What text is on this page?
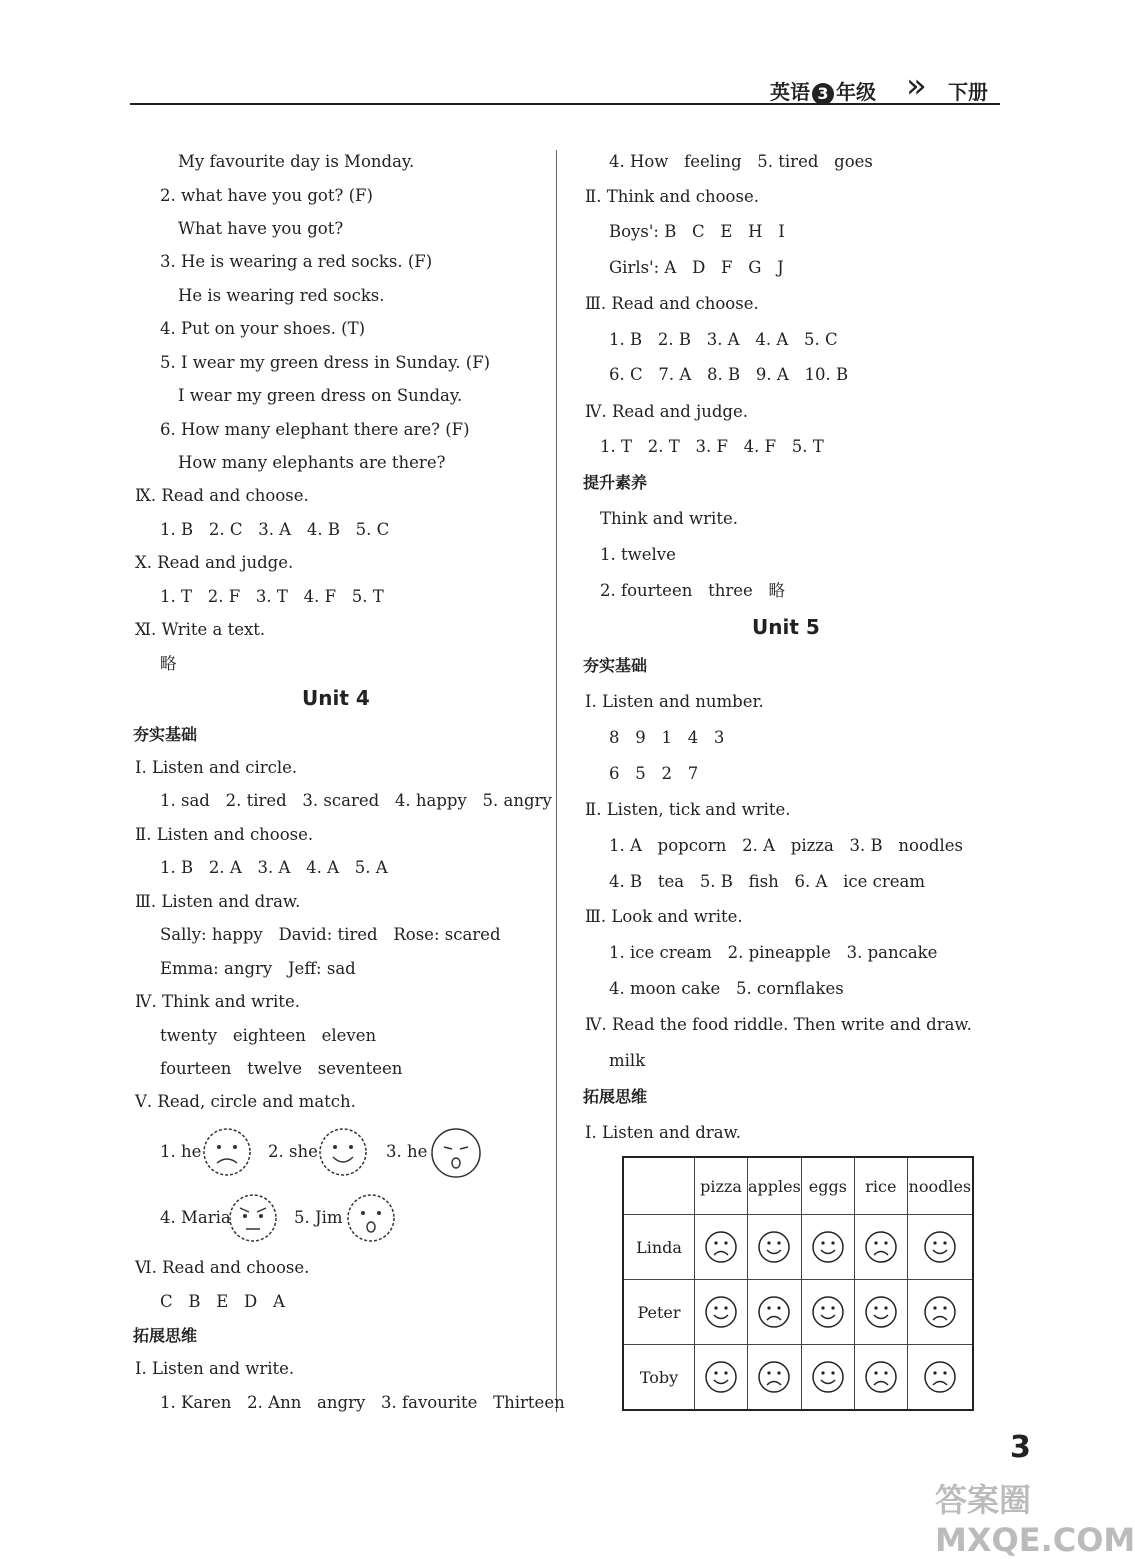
英语 3 年级 » 下册
My favourite day is Monday.
2. what have you got? (F)
What have you got?
3. He is wearing a red socks. (F)
He is wearing red socks.
4. Put on your shoes. (T)
5. I wear my green dress in Sunday. (F)
I wear my green dress on Sunday.
6. How many elephant there are? (F)
How many elephants are there?
Ⅸ. Read and choose.
1. B   2. C   3. A   4. B   5. C
Ⅹ. Read and judge.
1. T   2. F   3. T   4. F   5. T
Ⅺ. Write a text.
略
Unit 4
夯实基础
Ⅰ. Listen and circle.
1. sad   2. tired   3. scared   4. happy   5. angry
Ⅱ. Listen and choose.
1. B   2. A   3. A   4. A   5. A
Ⅲ. Listen and draw.
Sally: happy   David: tired   Rose: scared
Emma: angry   Jeff: sad
Ⅳ. Think and write.
twenty   eighteen   eleven
fourteen   twelve   seventeen
Ⅴ. Read, circle and match.
1. he	2. she	3. he
4. Maria	5. Jim
Ⅵ. Read and choose.
C   B   E   D   A
拓展思维
Ⅰ. Listen and write.
1. Karen   2. Ann   angry   3. favourite   Thirteen
4. How   feeling   5. tired   goes
Ⅱ. Think and choose.
Boys': B   C   E   H   I
Girls': A   D   F   G   J
Ⅲ. Read and choose.
1. B   2. B   3. A   4. A   5. C
6. C   7. A   8. B   9. A   10. B
Ⅳ. Read and judge.
1. T   2. T   3. F   4. F   5. T
提升素养
Think and write.
1. twelve
2. fourteen   three   略
Unit 5
夯实基础
Ⅰ. Listen and number.
8   9   1   4   3
6   5   2   7
Ⅱ. Listen, tick and write.
1. A   popcorn   2. A   pizza   3. B   noodles
4. B   tea   5. B   fish   6. A   ice cream
Ⅲ. Look and write.
1. ice cream   2. pineapple   3. pancake
4. moon cake   5. cornflakes
Ⅳ. Read the food riddle. Then write and draw.
milk
拓展思维
Ⅰ. Listen and draw.
	pizza	apples	eggs	rice	noodles
Linda	

Peter	

Toby	

3
答案圈 MXQE.COM
